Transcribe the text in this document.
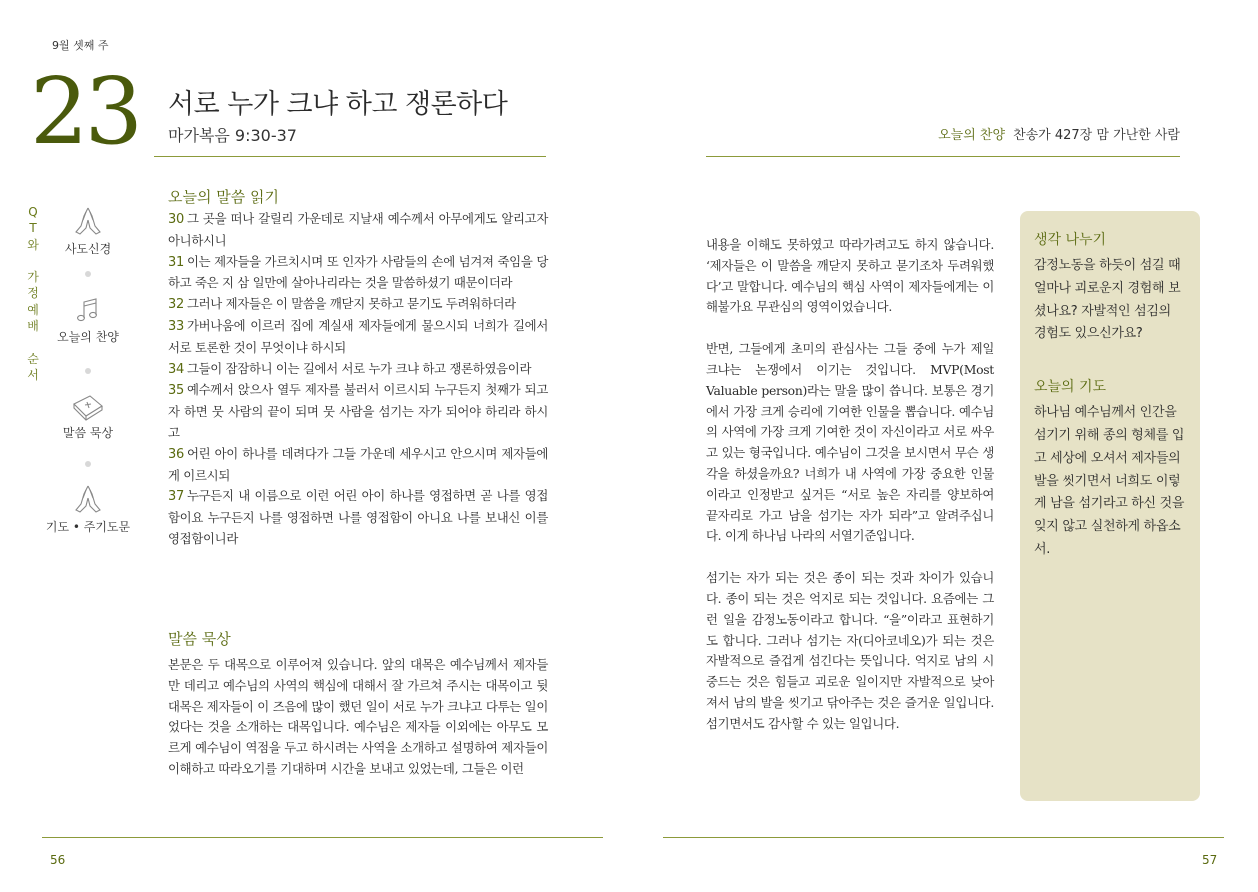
9월 셋째 주
23 서로 누가 크냐 하고 쟁론하다
마가복음 9:30-37
Q
T
와

가
정
예
배

순
서
사도신경
오늘의 찬양
말씀 묵상
기도 • 주기도문
오늘의 말씀 읽기
30 그 곳을 떠나 갈릴리 가운데로 지날새 예수께서 아무에게도 알리고자 아니하시니
31 이는 제자들을 가르치시며 또 인자가 사람들의 손에 넘겨져 죽임을 당하고 죽은 지 삼 일만에 살아나리라는 것을 말씀하셨기 때문이더라
32 그러나 제자들은 이 말씀을 깨닫지 못하고 묻기도 두려워하더라
33 가버나움에 이르러 집에 계실새 제자들에게 물으시되 너희가 길에서 서로 토론한 것이 무엇이냐 하시되
34 그들이 잠잠하니 이는 길에서 서로 누가 크냐 하고 쟁론하였음이라
35 예수께서 앉으사 열두 제자를 불러서 이르시되 누구든지 첫째가 되고자 하면 뭇 사람의 끝이 되며 뭇 사람을 섬기는 자가 되어야 하리라 하시고
36 어린 아이 하나를 데려다가 그들 가운데 세우시고 안으시며 제자들에게 이르시되
37 누구든지 내 이름으로 이런 어린 아이 하나를 영접하면 곧 나를 영접함이요 누구든지 나를 영접하면 나를 영접함이 아니요 나를 보내신 이를 영접함이니라
말씀 묵상
본문은 두 대목으로 이루어져 있습니다. 앞의 대목은 예수님께서 제자들만 데리고 예수님의 사역의 핵심에 대해서 잘 가르쳐 주시는 대목이고 뒷 대목은 제자들이 이 즈음에 많이 했던 일이 서로 누가 크냐고 다투는 일이었다는 것을 소개하는 대목입니다. 예수님은 제자들 이외에는 아무도 모르게 예수님이 역점을 두고 하시려는 사역을 소개하고 설명하여 제자들이 이해하고 따라오기를 기대하며 시간을 보내고 있었는데, 그들은 이런
56
오늘의 찬양 찬송가 427장 맘 가난한 사람

내용을 이해도 못하였고 따라가려고도 하지 않습니다. ‘제자들은 이 말씀을 깨닫지 못하고 묻기조차 두려워했다’고 말합니다. 예수님의 핵심 사역이 제자들에게는 이해불가요 무관심의 영역이었습니다.

반면, 그들에게 초미의 관심사는 그들 중에 누가 제일 크냐는 논쟁에서 이기는 것입니다. MVP(Most Valuable person)라는 말을 많이 씁니다. 보통은 경기에서 가장 크게 승리에 기여한 인물을 뽑습니다. 예수님의 사역에 가장 크게 기여한 것이 자신이라고 서로 싸우고 있는 형국입니다. 예수님이 그것을 보시면서 무슨 생각을 하셨을까요? 너희가 내 사역에 가장 중요한 인물이라고 인정받고 싶거든 “서로 높은 자리를 양보하여 끝자리로 가고 남을 섬기는 자가 되라”고 알려주십니다. 이게 하나님 나라의 서열기준입니다.

섬기는 자가 되는 것은 종이 되는 것과 차이가 있습니다. 종이 되는 것은 억지로 되는 것입니다. 요즘에는 그런 일을 감정노동이라고 합니다. “을”이라고 표현하기도 합니다. 그러나 섬기는 자(디아코네오)가 되는 것은 자발적으로 즐겁게 섬긴다는 뜻입니다. 억지로 남의 시중드는 것은 힘들고 괴로운 일이지만 자발적으로 낮아져서 남의 발을 씻기고 닦아주는 것은 즐거운 일입니다. 섬기면서도 감사할 수 있는 일입니다.

생각 나누기
감정노동을 하듯이 섬길 때 얼마나 괴로운지 경험해 보셨나요? 자발적인 섬김의 경험도 있으신가요?
오늘의 기도
하나님 예수님께서 인간을 섬기기 위해 종의 형체를 입고 세상에 오셔서 제자들의 발을 씻기면서 너희도 이렇게 남을 섬기라고 하신 것을 잊지 않고 실천하게 하옵소서.
57
